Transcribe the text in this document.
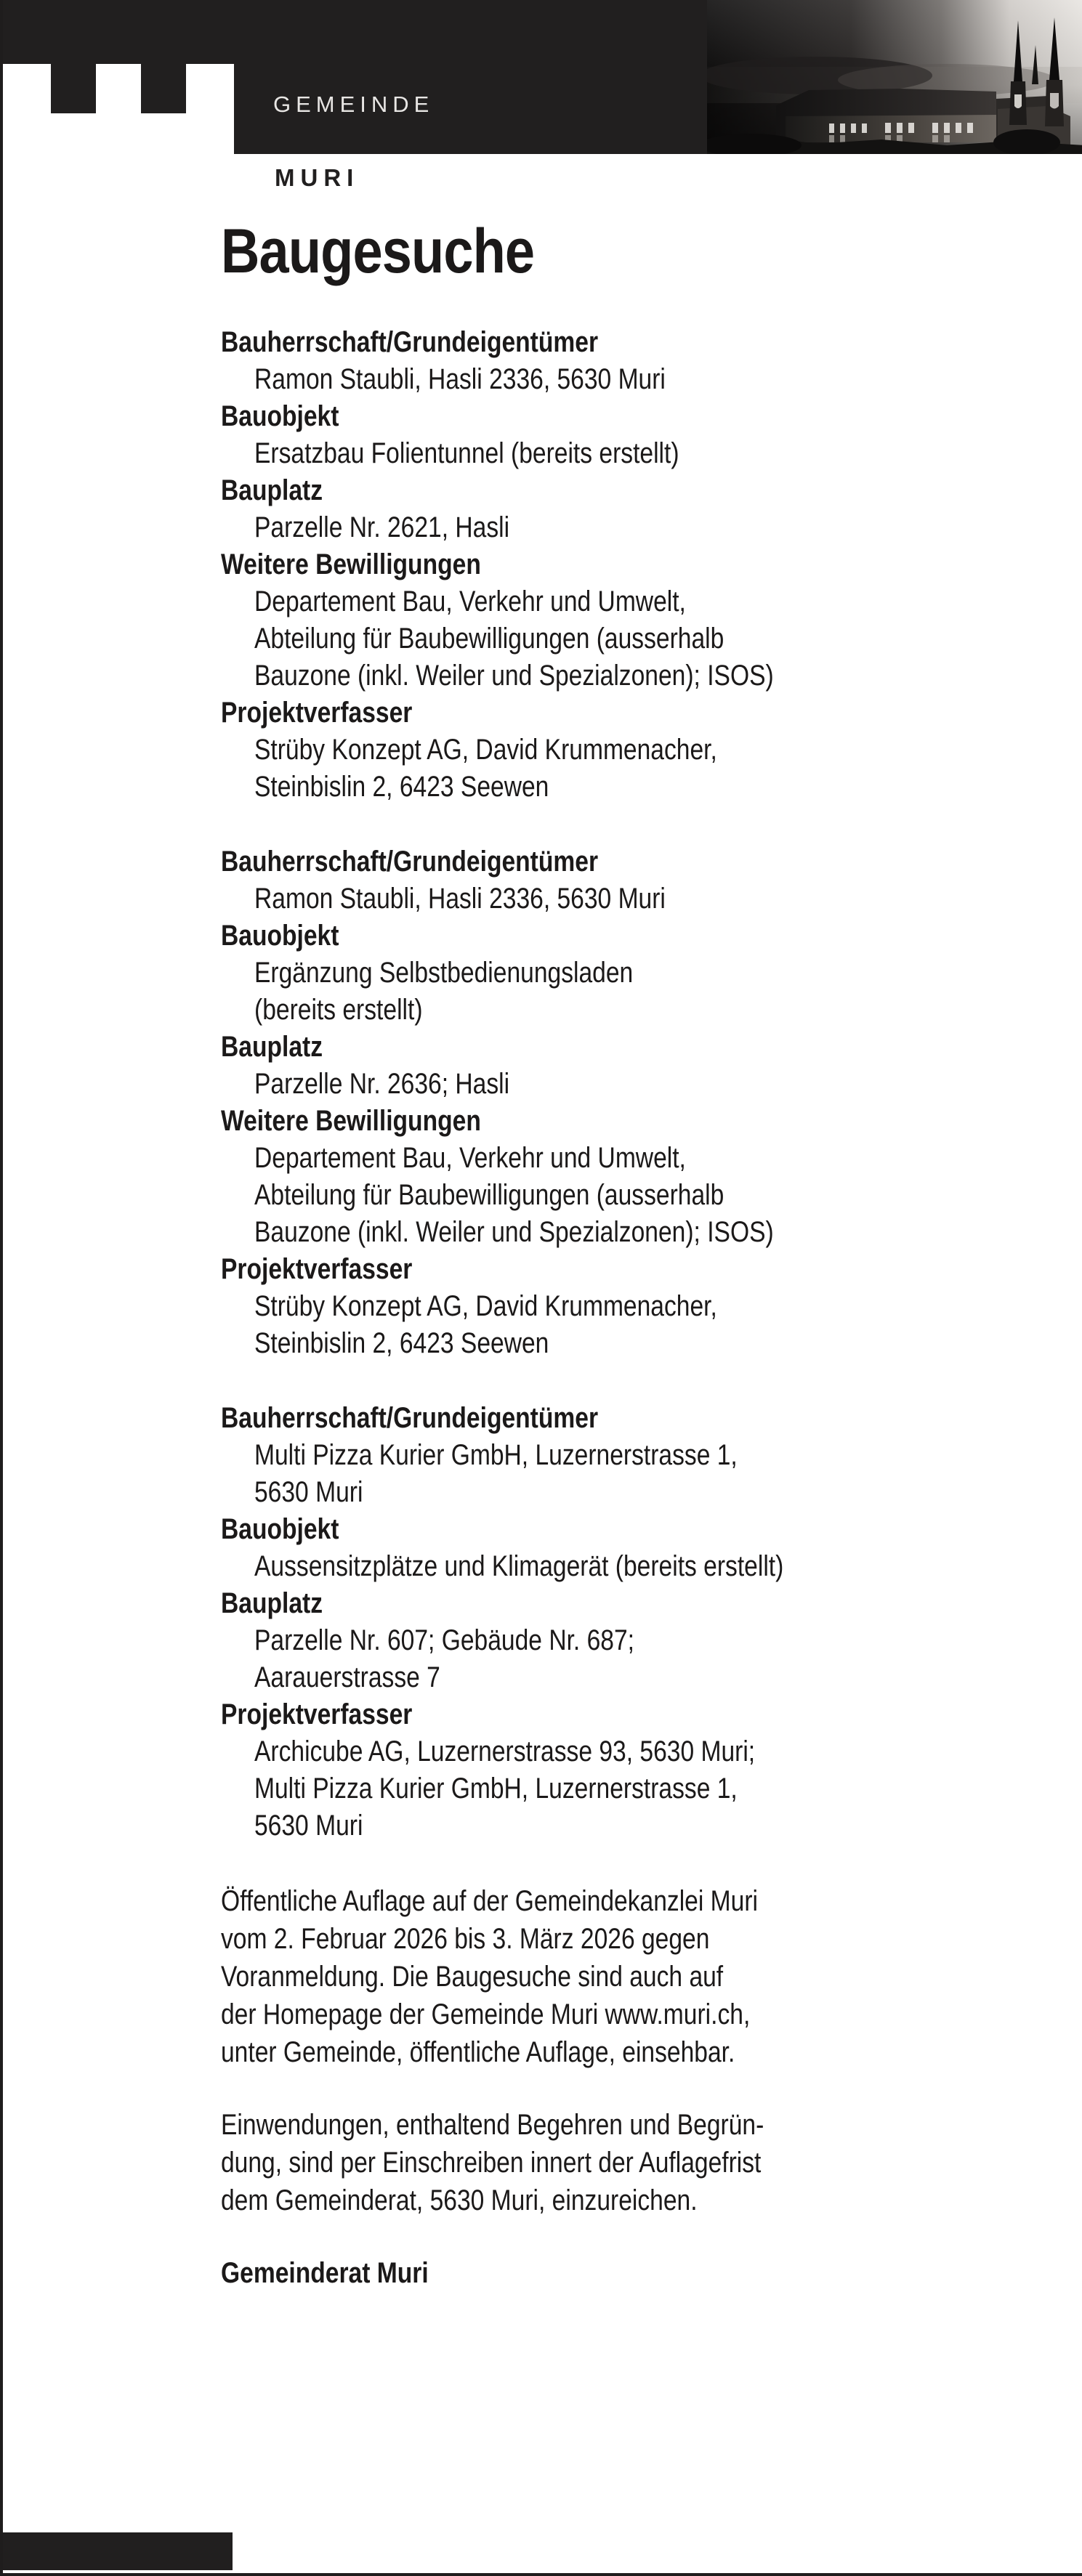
GEMEINDE
MURI
Baugesuche
Bauherrschaft/Grundeigentümer
Ramon Staubli, Hasli 2336, 5630 Muri
Bauobjekt
Ersatzbau Folientunnel (bereits erstellt)
Bauplatz
Parzelle Nr. 2621, Hasli
Weitere Bewilligungen
Departement Bau, Verkehr und Umwelt,
Abteilung für Baubewilligungen (ausserhalb
Bauzone (inkl. Weiler und Spezialzonen); ISOS)
Projektverfasser
Strüby Konzept AG, David Krummenacher,
Steinbislin 2, 6423 Seewen
Bauherrschaft/Grundeigentümer
Ramon Staubli, Hasli 2336, 5630 Muri
Bauobjekt
Ergänzung Selbstbedienungsladen
(bereits erstellt)
Bauplatz
Parzelle Nr. 2636; Hasli
Weitere Bewilligungen
Departement Bau, Verkehr und Umwelt,
Abteilung für Baubewilligungen (ausserhalb
Bauzone (inkl. Weiler und Spezialzonen); ISOS)
Projektverfasser
Strüby Konzept AG, David Krummenacher,
Steinbislin 2, 6423 Seewen
Bauherrschaft/Grundeigentümer
Multi Pizza Kurier GmbH, Luzernerstrasse 1,
5630 Muri
Bauobjekt
Aussensitzplätze und Klimagerät (bereits erstellt)
Bauplatz
Parzelle Nr. 607; Gebäude Nr. 687;
Aarauerstrasse 7
Projektverfasser
Archicube AG, Luzernerstrasse 93, 5630 Muri;
Multi Pizza Kurier GmbH, Luzernerstrasse 1,
5630 Muri

Öffentliche Auflage auf der Gemeindekanzlei Muri
vom 2. Februar 2026 bis 3. März 2026 gegen
Voranmeldung. Die Baugesuche sind auch auf
der Homepage der Gemeinde Muri www.muri.ch,
unter Gemeinde, öffentliche Auflage, einsehbar.

Einwendungen, enthaltend Begehren und Begrün-
dung, sind per Einschreiben innert der Auflagefrist
dem Gemeinderat, 5630 Muri, einzureichen.

Gemeinderat Muri
